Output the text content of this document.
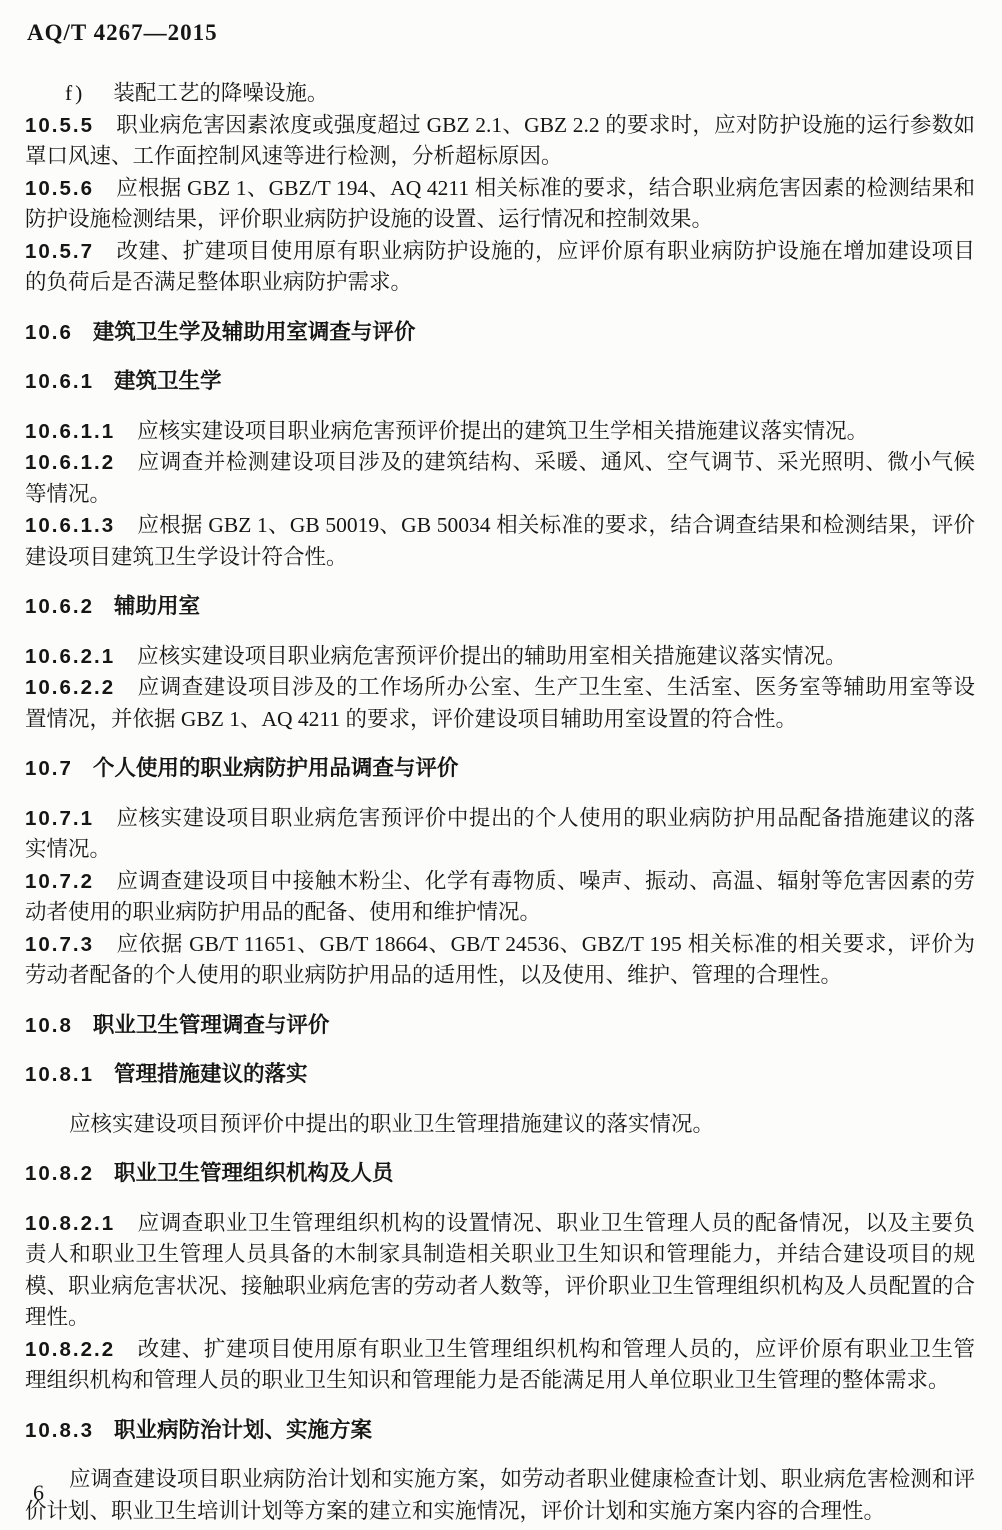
AQ/T 4267—2015

f) 装配工艺的降噪设施。

10.5.5 职业病危害因素浓度或强度超过 GBZ 2.1、GBZ 2.2 的要求时，应对防护设施的运行参数如罩口风速、工作面控制风速等进行检测，分析超标原因。

10.5.6 应根据 GBZ 1、GBZ/T 194、AQ 4211 相关标准的要求，结合职业病危害因素的检测结果和防护设施检测结果，评价职业病防护设施的设置、运行情况和控制效果。

10.5.7 改建、扩建项目使用原有职业病防护设施的，应评价原有职业病防护设施在增加建设项目的负荷后是否满足整体职业病防护需求。

10.6 建筑卫生学及辅助用室调查与评价
10.6.1 建筑卫生学

10.6.1.1 应核实建设项目职业病危害预评价提出的建筑卫生学相关措施建议落实情况。

10.6.1.2 应调查并检测建设项目涉及的建筑结构、采暖、通风、空气调节、采光照明、微小气候等情况。

10.6.1.3 应根据 GBZ 1、GB 50019、GB 50034 相关标准的要求，结合调查结果和检测结果，评价建设项目建筑卫生学设计符合性。

10.6.2 辅助用室

10.6.2.1 应核实建设项目职业病危害预评价提出的辅助用室相关措施建议落实情况。

10.6.2.2 应调查建设项目涉及的工作场所办公室、生产卫生室、生活室、医务室等辅助用室等设置情况，并依据 GBZ 1、AQ 4211 的要求，评价建设项目辅助用室设置的符合性。

10.7 个人使用的职业病防护用品调查与评价

10.7.1 应核实建设项目职业病危害预评价中提出的个人使用的职业病防护用品配备措施建议的落实情况。

10.7.2 应调查建设项目中接触木粉尘、化学有毒物质、噪声、振动、高温、辐射等危害因素的劳动者使用的职业病防护用品的配备、使用和维护情况。

10.7.3 应依据 GB/T 11651、GB/T 18664、GB/T 24536、GBZ/T 195 相关标准的相关要求，评价为劳动者配备的个人使用的职业病防护用品的适用性，以及使用、维护、管理的合理性。

10.8 职业卫生管理调查与评价
10.8.1 管理措施建议的落实

应核实建设项目预评价中提出的职业卫生管理措施建议的落实情况。

10.8.2 职业卫生管理组织机构及人员

10.8.2.1 应调查职业卫生管理组织机构的设置情况、职业卫生管理人员的配备情况，以及主要负责人和职业卫生管理人员具备的木制家具制造相关职业卫生知识和管理能力，并结合建设项目的规模、职业病危害状况、接触职业病危害的劳动者人数等，评价职业卫生管理组织机构及人员配置的合理性。

10.8.2.2 改建、扩建项目使用原有职业卫生管理组织机构和管理人员的，应评价原有职业卫生管理组织机构和管理人员的职业卫生知识和管理能力是否能满足用人单位职业卫生管理的整体需求。

10.8.3 职业病防治计划、实施方案

应调查建设项目职业病防治计划和实施方案，如劳动者职业健康检查计划、职业病危害检测和评价计划、职业卫生培训计划等方案的建立和实施情况，评价计划和实施方案内容的合理性。

6
